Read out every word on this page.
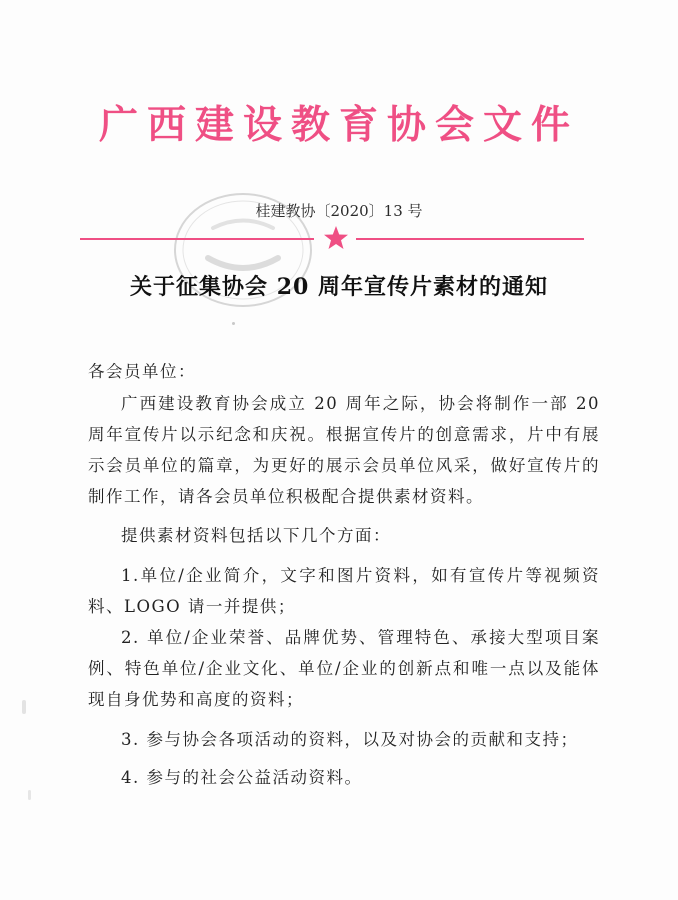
广西建设教育协会文件
桂建教协〔2020〕13 号
关于征集协会 20 周年宣传片素材的通知
各会员单位：
广西建设教育协会成立 20 周年之际，协会将制作一部 20 周年宣传片以示纪念和庆祝。根据宣传片的创意需求，片中有展示会员单位的篇章，为更好的展示会员单位风采，做好宣传片的制作工作，请各会员单位积极配合提供素材资料。
提供素材资料包括以下几个方面：
1.单位/企业简介，文字和图片资料，如有宣传片等视频资料、LOGO 请一并提供；
2. 单位/企业荣誉、品牌优势、管理特色、承接大型项目案例、特色单位/企业文化、单位/企业的创新点和唯一点以及能体现自身优势和高度的资料；
3. 参与协会各项活动的资料，以及对协会的贡献和支持；
4. 参与的社会公益活动资料。
